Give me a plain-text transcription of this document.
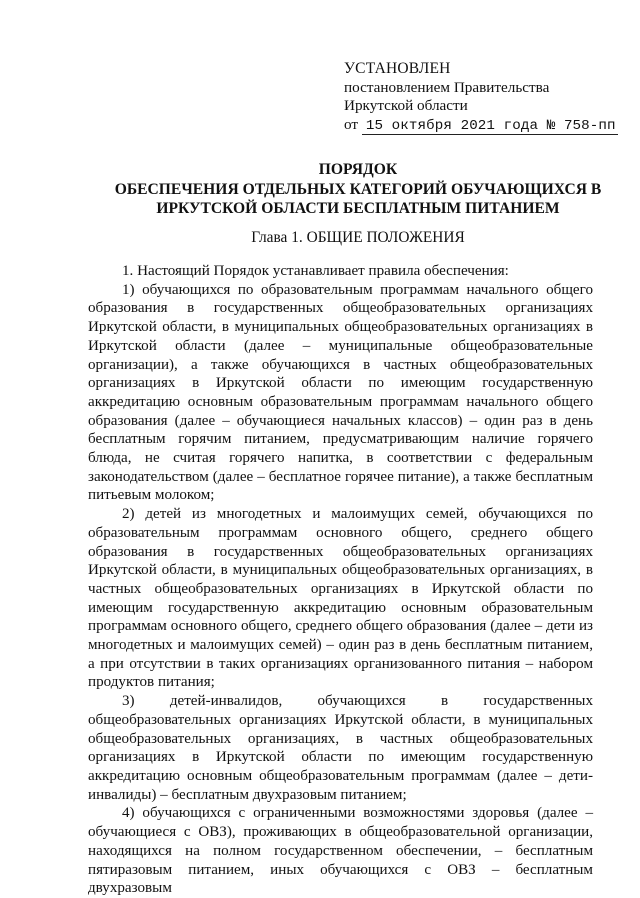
УСТАНОВЛЕН
постановлением Правительства
Иркутской области
от 15 октября 2021 года № 758-пп
ПОРЯДОК
ОБЕСПЕЧЕНИЯ ОТДЕЛЬНЫХ КАТЕГОРИЙ ОБУЧАЮЩИХСЯ В
ИРКУТСКОЙ ОБЛАСТИ БЕСПЛАТНЫМ ПИТАНИЕМ
Глава 1. ОБЩИЕ ПОЛОЖЕНИЯ

1. Настоящий Порядок устанавливает правила обеспечения:

1) обучающихся по образовательным программам начального общего образования в государственных общеобразовательных организациях Иркутской области, в муниципальных общеобразовательных организациях в Иркутской области (далее – муниципальные общеобразовательные организации), а также обучающихся в частных общеобразовательных организациях в Иркутской области по имеющим государственную аккредитацию основным образовательным программам начального общего образования (далее – обучающиеся начальных классов) – один раз в день бесплатным горячим питанием, предусматривающим наличие горячего блюда, не считая горячего напитка, в соответствии с федеральным законодательством (далее – бесплатное горячее питание), а также бесплатным питьевым молоком;

2) детей из многодетных и малоимущих семей, обучающихся по образовательным программам основного общего, среднего общего образования в государственных общеобразовательных организациях Иркутской области, в муниципальных общеобразовательных организациях, в частных общеобразовательных организациях в Иркутской области по имеющим государственную аккредитацию основным образовательным программам основного общего, среднего общего образования (далее – дети из многодетных и малоимущих семей) – один раз в день бесплатным питанием, а при отсутствии в таких организациях организованного питания – набором продуктов питания;

3) детей-инвалидов, обучающихся в государственных общеобразовательных организациях Иркутской области, в муниципальных общеобразовательных организациях, в частных общеобразовательных организациях в Иркутской области по имеющим государственную аккредитацию основным общеобразовательным программам (далее – дети-инвалиды) – бесплатным двухразовым питанием;

4) обучающихся с ограниченными возможностями здоровья (далее – обучающиеся с ОВЗ), проживающих в общеобразовательной организации, находящихся на полном государственном обеспечении, – бесплатным пятиразовым питанием, иных обучающихся с ОВЗ – бесплатным двухразовым
